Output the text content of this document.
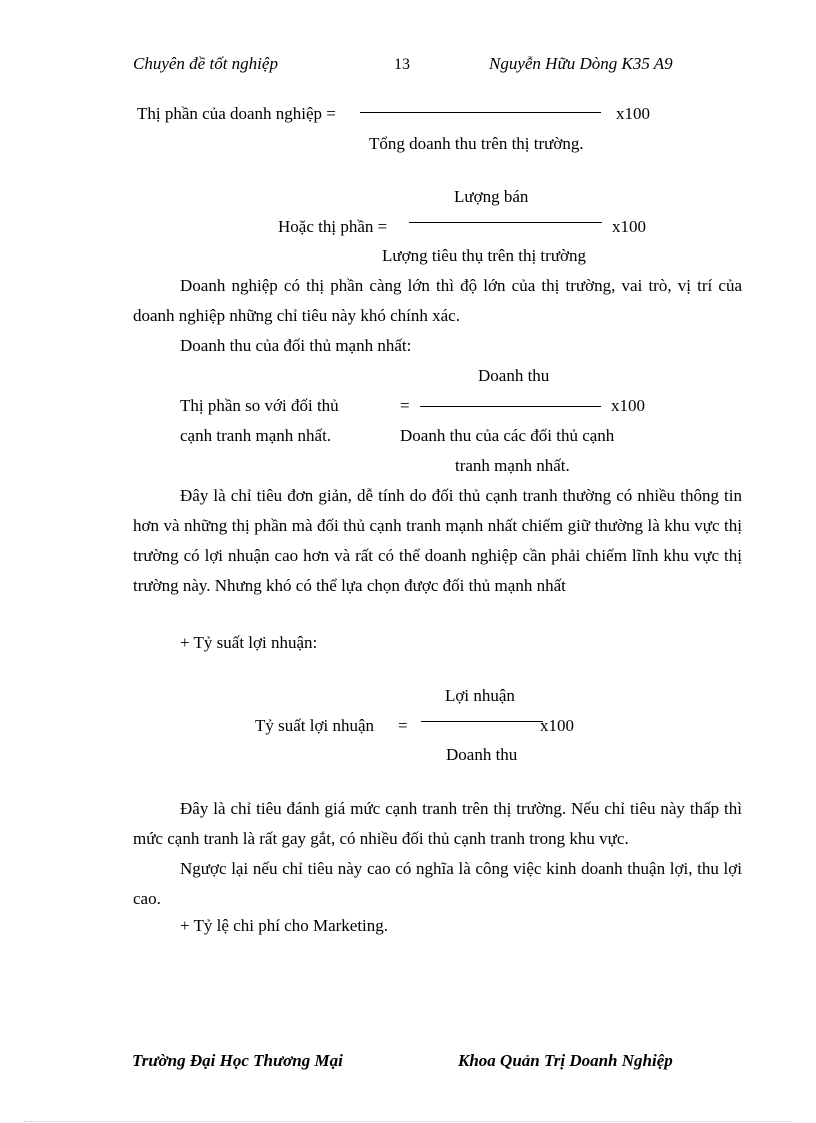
Chuyên đề tốt nghiệp	13	Nguyễn Hữu Dòng K35 A9
Thị phần của doanh nghiệp =	x100
Tổng doanh thu trên thị trường.
Lượng bán
Hoặc thị phần =	x100
Lượng tiêu thụ trên thị trường
Doanh nghiệp có thị phần càng lớn thì độ lớn của thị trường, vai trò, vị trí của doanh nghiệp những chỉ tiêu này khó chính xác.
Doanh thu của đối thủ mạnh nhất:
Doanh thu
Thị phần so với đối thủ	=	x100
cạnh tranh mạnh nhất.	Doanh thu của các đối thủ cạnh
tranh mạnh nhất.
Đây là chỉ tiêu đơn giản, dễ tính do đối thủ cạnh tranh thường có nhiều thông tin hơn và những thị phần mà đối thủ cạnh tranh mạnh nhất chiếm giữ thường là khu vực thị trường có lợi nhuận cao hơn và rất có thể doanh nghiệp cần phải chiếm lĩnh khu vực thị trường này. Nhưng khó có thể lựa chọn được đối thủ mạnh nhất
+ Tỷ suất lợi nhuận:
Lợi nhuận
Tỷ suất lợi nhuận =	x100
Doanh thu
Đây là chỉ tiêu đánh giá mức cạnh tranh trên thị trường. Nếu chỉ tiêu này thấp thì mức cạnh tranh là rất gay gắt, có nhiều đối thủ cạnh tranh trong khu vực.
Ngược lại nếu chỉ tiêu này cao có nghĩa là công việc kinh doanh thuận lợi, thu lợi cao.
+ Tỷ lệ chi phí cho Marketing.
Trường Đại Học Thương Mại	Khoa Quản Trị Doanh Nghiệp
